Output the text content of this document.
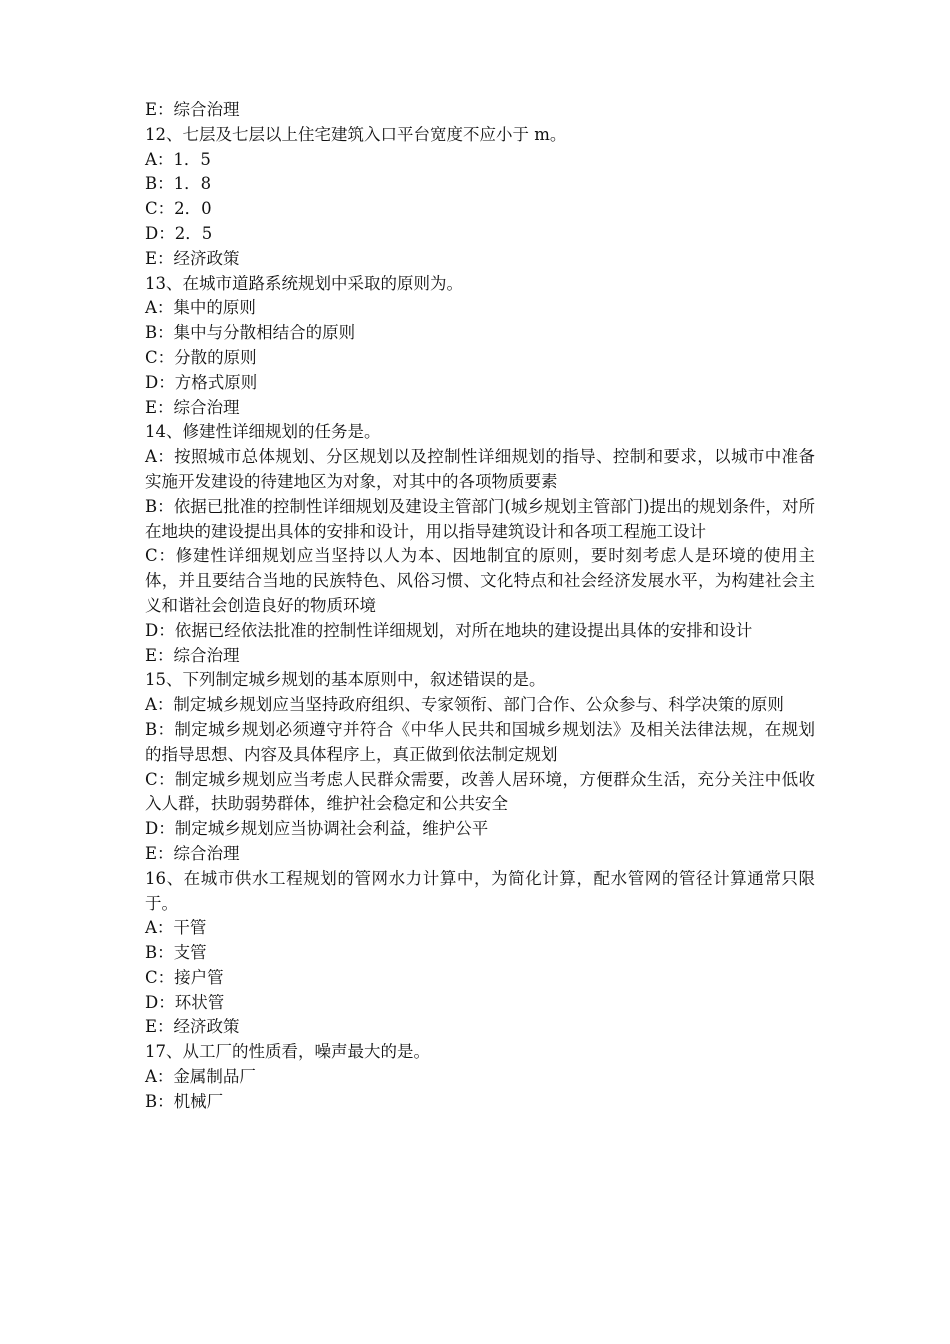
E：综合治理

12、七层及七层以上住宅建筑入口平台宽度不应小于 m。

A：1．5

B：1．8

C：2．0

D：2．5

E：经济政策

13、在城市道路系统规划中采取的原则为。

A：集中的原则

B：集中与分散相结合的原则

C：分散的原则

D：方格式原则

E：综合治理

14、修建性详细规划的任务是。

A：按照城市总体规划、分区规划以及控制性详细规划的指导、控制和要求，以城市中准备实施开发建设的待建地区为对象，对其中的各项物质要素

B：依据已批准的控制性详细规划及建设主管部门(城乡规划主管部门)提出的规划条件，对所在地块的建设提出具体的安排和设计，用以指导建筑设计和各项工程施工设计

C：修建性详细规划应当坚持以人为本、因地制宜的原则，要时刻考虑人是环境的使用主体，并且要结合当地的民族特色、风俗习惯、文化特点和社会经济发展水平，为构建社会主义和谐社会创造良好的物质环境

D：依据已经依法批准的控制性详细规划，对所在地块的建设提出具体的安排和设计

E：综合治理

15、下列制定城乡规划的基本原则中，叙述错误的是。

A：制定城乡规划应当坚持政府组织、专家领衔、部门合作、公众参与、科学决策的原则

B：制定城乡规划必须遵守并符合《中华人民共和国城乡规划法》及相关法律法规，在规划的指导思想、内容及具体程序上，真正做到依法制定规划

C：制定城乡规划应当考虑人民群众需要，改善人居环境，方便群众生活，充分关注中低收入人群，扶助弱势群体，维护社会稳定和公共安全

D：制定城乡规划应当协调社会利益，维护公平

E：综合治理

16、在城市供水工程规划的管网水力计算中，为简化计算，配水管网的管径计算通常只限于。

A：干管

B：支管

C：接户管

D：环状管

E：经济政策

17、从工厂的性质看，噪声最大的是。

A：金属制品厂

B：机械厂
